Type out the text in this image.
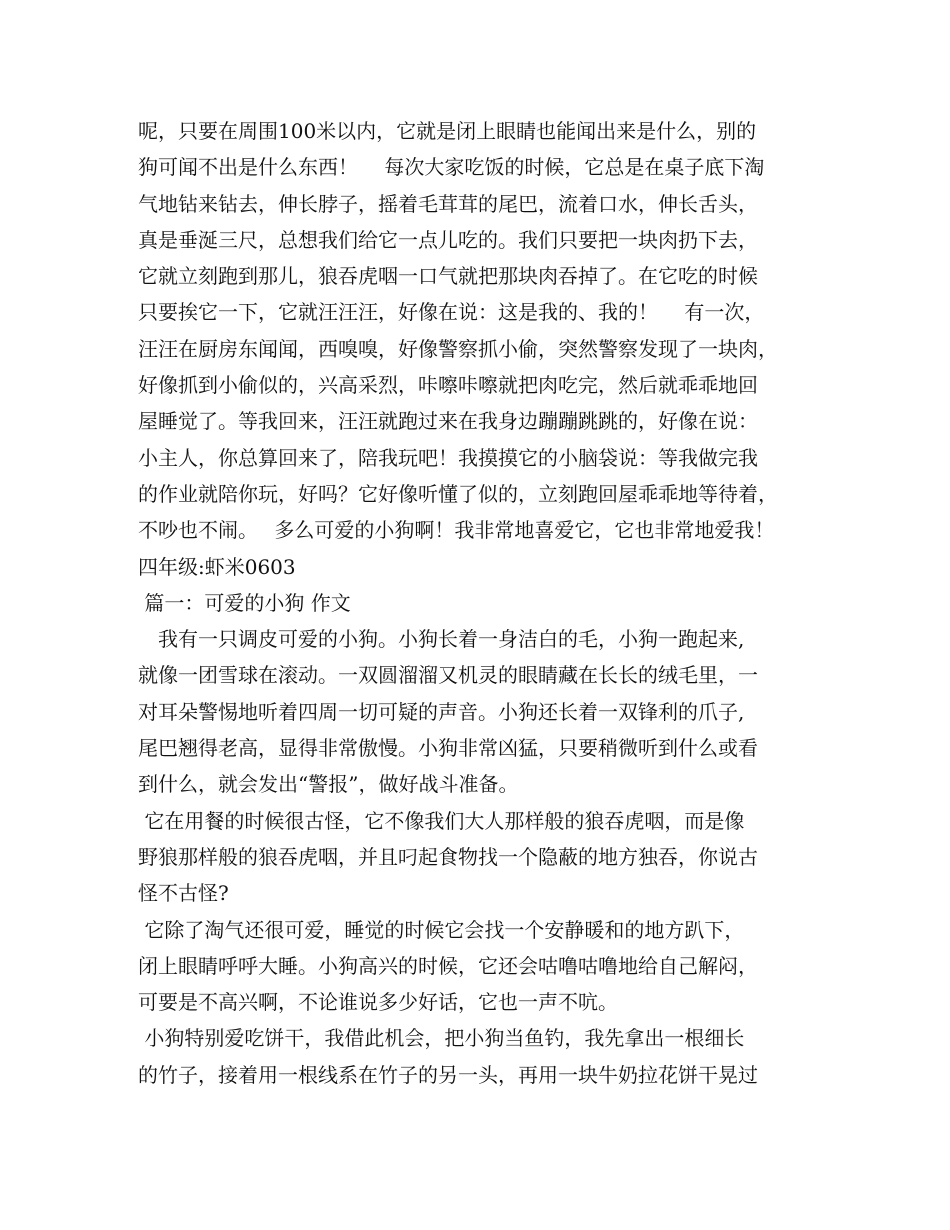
呢，只要在周围100米以内，它就是闭上眼睛也能闻出来是什么，别的
狗可闻不出是什么东西！　 每次大家吃饭的时候，它总是在桌子底下淘
气地钻来钻去，伸长脖子，摇着毛茸茸的尾巴，流着口水，伸长舌头，
真是垂涎三尺，总想我们给它一点儿吃的。我们只要把一块肉扔下去，
它就立刻跑到那儿，狼吞虎咽一口气就把那块肉吞掉了。在它吃的时候
只要挨它一下，它就汪汪汪，好像在说：这是我的、我的！　 有一次，
汪汪在厨房东闻闻，西嗅嗅，好像警察抓小偷，突然警察发现了一块肉，
好像抓到小偷似的，兴高采烈，咔嚓咔嚓就把肉吃完，然后就乖乖地回
屋睡觉了。等我回来，汪汪就跑过来在我身边蹦蹦跳跳的，好像在说：
小主人，你总算回来了，陪我玩吧！我摸摸它的小脑袋说：等我做完我
的作业就陪你玩，好吗？它好像听懂了似的，立刻跑回屋乖乖地等待着，
不吵也不闹。　 多么可爱的小狗啊！我非常地喜爱它，它也非常地爱我！
四年级:虾米0603
篇一：可爱的小狗 作文
　我有一只调皮可爱的小狗。小狗长着一身洁白的毛，小狗一跑起来,
就像一团雪球在滚动。一双圆溜溜又机灵的眼睛藏在长长的绒毛里，一
对耳朵警惕地听着四周一切可疑的声音。小狗还长着一双锋利的爪子,
尾巴翘得老高，显得非常傲慢。小狗非常凶猛，只要稍微听到什么或看
到什么，就会发出“警报”，做好战斗准备。
它在用餐的时候很古怪，它不像我们大人那样般的狼吞虎咽，而是像
野狼那样般的狼吞虎咽，并且叼起食物找一个隐蔽的地方独吞，你说古
怪不古怪?
它除了淘气还很可爱，睡觉的时候它会找一个安静暖和的地方趴下，
闭上眼睛呼呼大睡。小狗高兴的时候，它还会咕噜咕噜地给自己解闷，
可要是不高兴啊，不论谁说多少好话，它也一声不吭。
小狗特别爱吃饼干，我借此机会，把小狗当鱼钓，我先拿出一根细长
的竹子，接着用一根线系在竹子的另一头，再用一块牛奶拉花饼干晃过
